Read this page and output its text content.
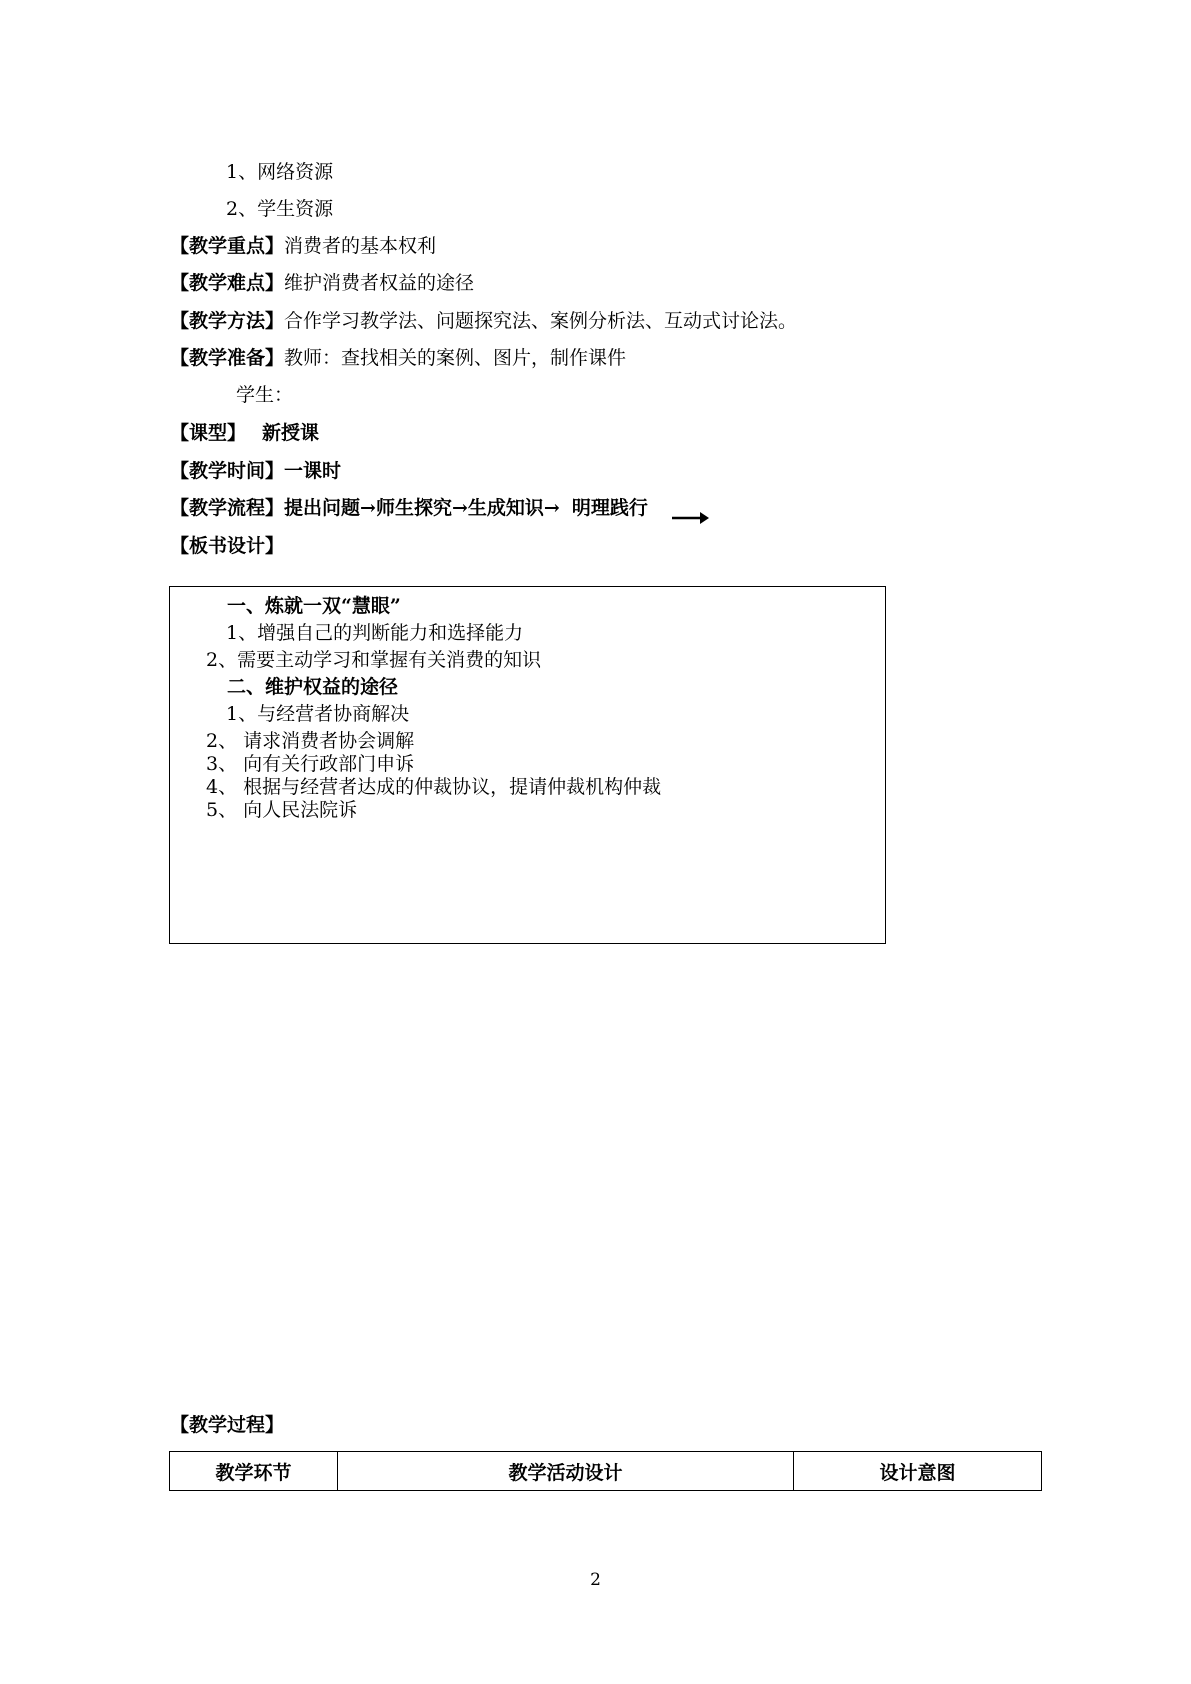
1、网络资源
2、学生资源
【教学重点】消费者的基本权利
【教学难点】维护消费者权益的途径
【教学方法】合作学习教学法、问题探究法、案例分析法、互动式讨论法。
【教学准备】教师：查找相关的案例、图片，制作课件
学生：
【课型】 新授课
【教学时间】一课时
【教学流程】提出问题→师生探究→生成知识→ 明理践行
【板书设计】
一、炼就一双“慧眼”
1、增强自己的判断能力和选择能力
2、需要主动学习和掌握有关消费的知识
二、维护权益的途径
1、与经营者协商解决
2、 请求消费者协会调解
3、 向有关行政部门申诉
4、 根据与经营者达成的仲裁协议，提请仲裁机构仲裁
5、 向人民法院诉
【教学过程】
教学环节	教学活动设计	设计意图
2
